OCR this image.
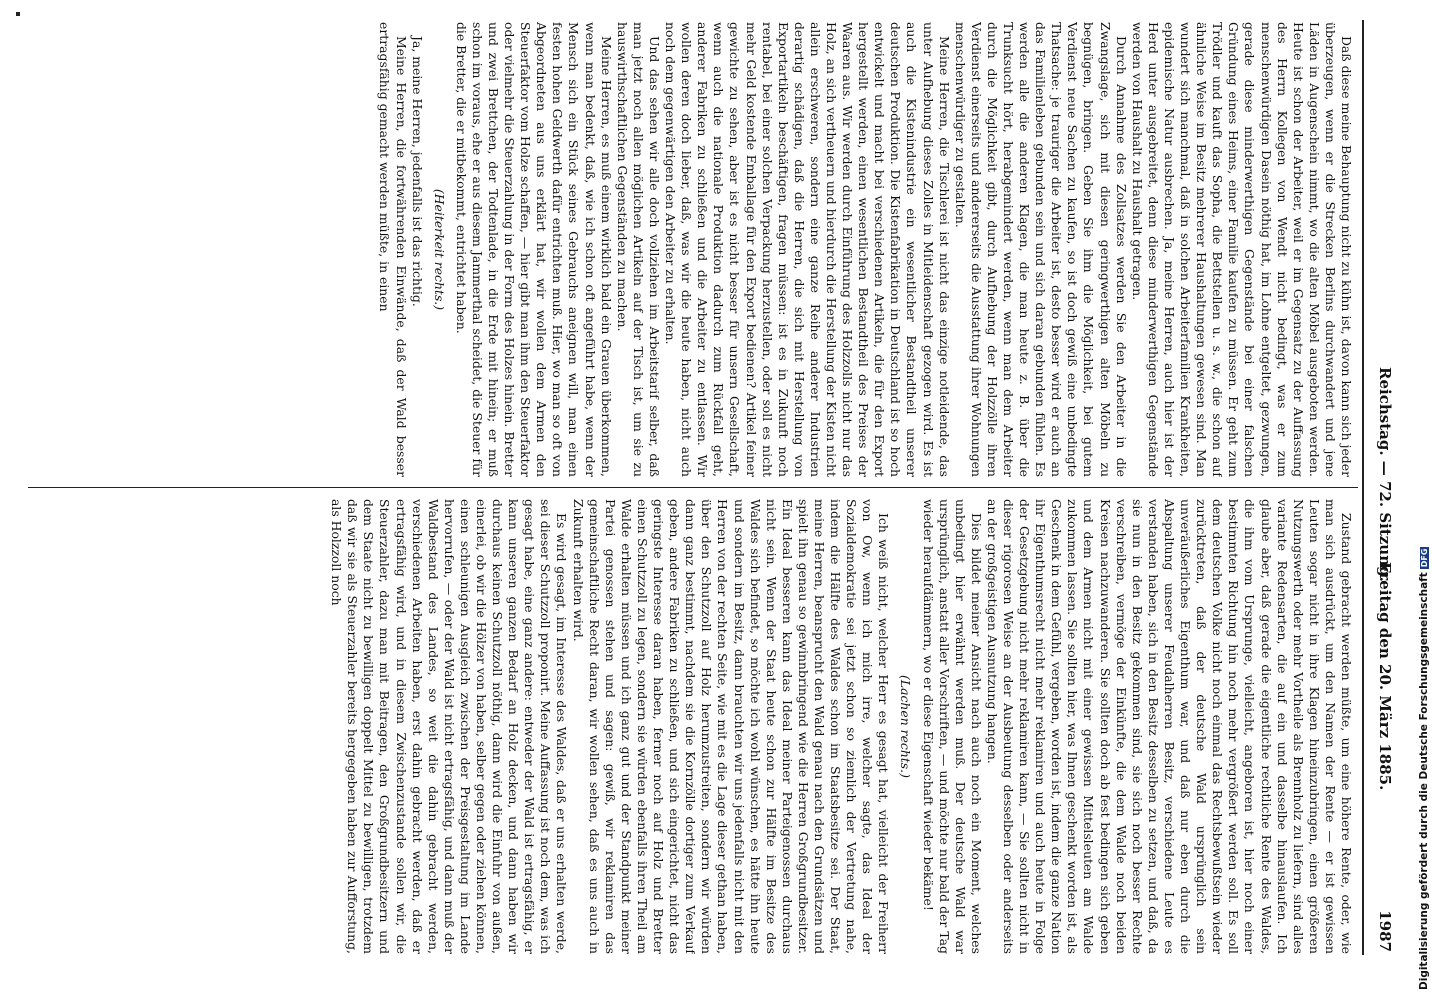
Reichstag. — 72. Sitzung.
Freitag den 20. März 1885.
1987

Daß diese meine Behauptung nicht zu kühn ist, davon kann sich jeder überzeugen, wenn er die Strecken Berlins durchwandert und jene Läden in Augenschein nimmt, wo die alten Möbel ausgeboten werden. Heute ist schon der Arbeiter, weil er im Gegensatz zu der Auffassung des Herrn Kollegen von Wendt nicht bedingt, was er zum menschenwürdigen Dasein nöthig hat, im Lohne entgeltet, gezwungen, gerade diese minderwerthigen Gegenstände bei einer falschen Gründung eines Heims, einer Familie kaufen zu müssen. Er geht zum Trödler und kauft das Sopha, die Bettstellen u. s. w., die schon auf ähnliche Weise im Besitz mehrerer Haushaltungen gewesen sind. Man wundert sich manchmal, daß in solchen Arbeiterfamilien Krankheiten, epidemische Natur ausbrechen. Ja, meine Herren, auch hier ist der Herd unter ausgebreitet, denn diese minderwerthigen Gegenstände werden von Haushalt zu Haushalt getragen.

Durch Annahme des Zollsatzes werden Sie den Arbeiter in die Zwangslage, sich mit diesen geringwerthigen alten Möbeln zu begnügen, bringen. Geben Sie ihm die Möglichkeit, bei gutem Verdienst neue Sachen zu kaufen, so ist doch gewiß eine unbedingte Thatsache: je trauriger die Arbeiter ist, desto besser wird er auch an das Familienleben gebunden sein und sich daran gebunden fühlen. Es werden alle die anderen Klagen, die man heute z. B. über die Trunksucht hört, herabgemindert werden, wenn man dem Arbeiter durch die Möglichkeit gibt, durch Aufhebung der Holzzölle ihren Verdienst einerseits und andererseits die Ausstattung ihrer Wohnungen menschenwürdiger zu gestalten.

Meine Herren, die Tischlerei ist nicht das einzige notleidende, das unter Aufhebung dieses Zolles in Mitleidenschaft gezogen wird. Es ist auch die Kistenindustrie ein wesentlicher Bestandtheil unserer deutschen Produktion. Die Kistenfabrikation in Deutschland ist so hoch entwickelt und macht bei verschiedenen Artikeln, die für den Export hergestellt werden, einen wesentlichen Bestandtheil des Preises der Waaren aus. Wir werden durch Einführung des Holzzolls nicht nur das Holz, an sich vertheuern und hierdurch die Herstellung der Kisten nicht allein erschweren, sondern eine ganze Reihe anderer Industrien derartig schädigen, daß die Herren, die sich mit Herstellung von Exportartikeln beschäftigen, fragen müssen: ist es in Zukunft noch rentabel, bei einer solchen Verpackung herzustellen, oder soll es nicht mehr Geld kostende Emballage für den Export bedienen? Artikel feiner gewichte zu sehen, aber ist es nicht besser für unsern Gesellschaft, wenn auch die nationale Produktion dadurch zum Rückfall geht, anderer Fabriken zu schließen und die Arbeiter zu entlassen. Wir wollen deren doch lieber, daß, was wir die heute haben, nicht auch noch dem gegenwärtigen den Arbeiter zu erhalten.

Und das sehen wir alle doch vollziehen im Arbeitstarif selber, daß man jetzt noch allen möglichen Artikeln auf der Tisch ist, um sie zu hauswirthschaftlichen Gegenständen zu machen.

Meine Herren, es muß einem wirklich bald ein Grauen überkommen, wenn man bedenkt, daß, wie ich schon oft angeführt habe, wenn der Mensch sich ein Stück seines Gebrauchs aneignen will, man einen festen hohen Geldwerth dafür entrichten muß. Hier, wo man so oft von Abgeordneten aus uns erklärt hat, wir wollen dem Armen den Steuerfaktor vom Holze schaffen, — hier gibt man ihm den Steuerfaktor oder vielmehr die Steuerzahlung in der Form des Holzes hinein. Bretter und zwei Brettchen, der Todtenlade, in die Erde mit hinein; er muß schon im voraus, ehe er aus diesem Jammerthal scheidet, die Steuer für die Bretter, die er mitbekommt, entrichtet haben.

(Heiterkeit rechts.)

Ja, meine Herren, jedenfalls ist das richtig.

Meine Herren, die fortwährenden Einwände, daß der Wald besser ertragsfähig gemacht werden müßte, in einen

Zustand gebracht werden müßte, um eine höhere Rente, oder, wie man sich ausdrückt, um den Namen der Rente — er ist gewissen Leuten sogar nicht in ihre Klagen hineinzubringen, einen größeren Nutzungswerth oder mehr Vortheile als Brennholz zu liefern, sind alles variante Redensarten, die auf ein und dasselbe hinauslaufen. Ich glaube aber, daß gerade die eigentliche rechtliche Rente des Waldes, die ihm vom Ursprunge, vielleicht, angeboren ist, hier noch einer bestimmten Richtung hin noch mehr vergrößert werden soll. Es soll dem deutschen Volke nicht noch einmal das Rechtsbewußtsein wieder zurücktreten, daß der deutsche Wald ursprünglich sein unveräußerliches Eigenthum war, und daß nur eben durch die Abspaltung unserer Feudalherren Besitz, verschiedene Leute es verstanden haben, sich in den Besitz desselben zu setzen, und daß, da sie nun in den Besitz gekommen sind, sie sich noch besser Rechte verschreiben, vermöge der Einkünfte, die dem Walde noch beiden Kreisen nachzuwanderen. Sie sollten doch ab fest bedingen sich geben und dem Armen nicht mit einer gewissen Mittelsleuten am Walde zukommen lassen. Sie sollten hier, was Ihnen geschenkt worden ist, als Geschenk in dem Gefühl, vergeben, worden ist, indem die ganze Nation ihr Eigenthumsrecht nicht mehr reklamiren und auch heute in Folge der Gesetzgebung nicht mehr reklamiren kann, — Sie sollten nicht in dieser rigorosen Weise an der Ausbeutung desselben oder anderseits an der großgeistigen Ausnutzung hangen.

Dies bildet meiner Ansicht nach auch noch ein Moment, welches unbedingt hier erwähnt werden muß. Der deutsche Wald war ursprünglich, anstatt aller Vorschriften, — und möchte nur bald der Tag wieder heraufdämmern, wo er diese Eigenschaft wieder bekäme!

(Lachen rechts.)

Ich weiß nicht, welcher Herr es gesagt hat, vielleicht der Freiherr von Ow, wenn ich mich irre, welcher sagte, das Ideal der Sozialdemokratie sei jetzt schon so ziemlich der Vertretung nahe, indem die Hälfte des Waldes schon im Staatsbesitze sei. Der Staat, meine Herren, beansprucht den Wald genau nach den Grundsätzen und spielt ihn genau so gewinnbringend wie die Herren Großgrundbesitzer. Ein Ideal besseren kann das Ideal meiner Parteigenossen durchaus nicht sein. Wenn der Staat heute schon zur Hälfte im Besitze des Waldes sich befindet, so möchte ich wohl wünschen, es hätte ihn heute und sondern im Besitz, dann brauchten wir uns jedenfalls nicht mit den Herren von der rechten Seite, wie mit es die Lage dieser gethan haben, über den Schutzzoll auf Holz herumzustreiten, sondern wir würden dann ganz bestimmt, nachdem sie die Kornzölle dortiger zum Verkauf geben, andere Fabriken zu schließen, und sich eingerichtet, nicht das geringste Interesse daran haben, ferner noch auf Holz und Bretter einen Schutzzoll zu legen, sondern sie würden ebenfalls ihren Theil am Walde erhalten müssen und ich ganz gut und der Standpunkt meiner Partei genossen stehen und sagen: gewiß, wir reklamiren das gemeinschaftliche Recht daran, wir wollen sehen, daß es uns auch in Zukunft erhalten wird.

Es wird gesagt, im Interesse des Waldes, daß er uns erhalten werde, sei dieser Schutzzoll proponirt. Meine Auffassung ist noch dem, was ich gesagt habe, eine ganz andere: entweder der Wald ist ertragsfähig, er kann unseren ganzen Bedarf an Holz decken, und dann haben wir durchaus keinen Schutzzoll nöthig, dann wird die Einfuhr von außen, einerlei, ob wir die Hölzer von haben, selber gegen oder ziehen können, einen schleunigen Ausgleich zwischen der Preisgestaltung im Lande hervorrufen, — oder der Wald ist nicht ertragsfähig, und dann muß der Waldbestand des Landes, so weit die dahin gebracht werden, verschiedenen Arbeiten haben, erst dahin gebracht werden, daß er ertragsfähig wird, und in diesem Zwischenzustande sollen wir, die Steuerzahler, dazu man mit Beitragen, den Großgrundbesitzern und dem Staate nicht zu bewilligen doppelt Mittel zu bewilligen, trotzdem daß wir sie als Steuerzahler bereits hergegeben haben zur Aufforstung, als Holzzoll noch

Digitalisierung gefördert durch die Deutsche ForschungsgemeinschaftDFG
